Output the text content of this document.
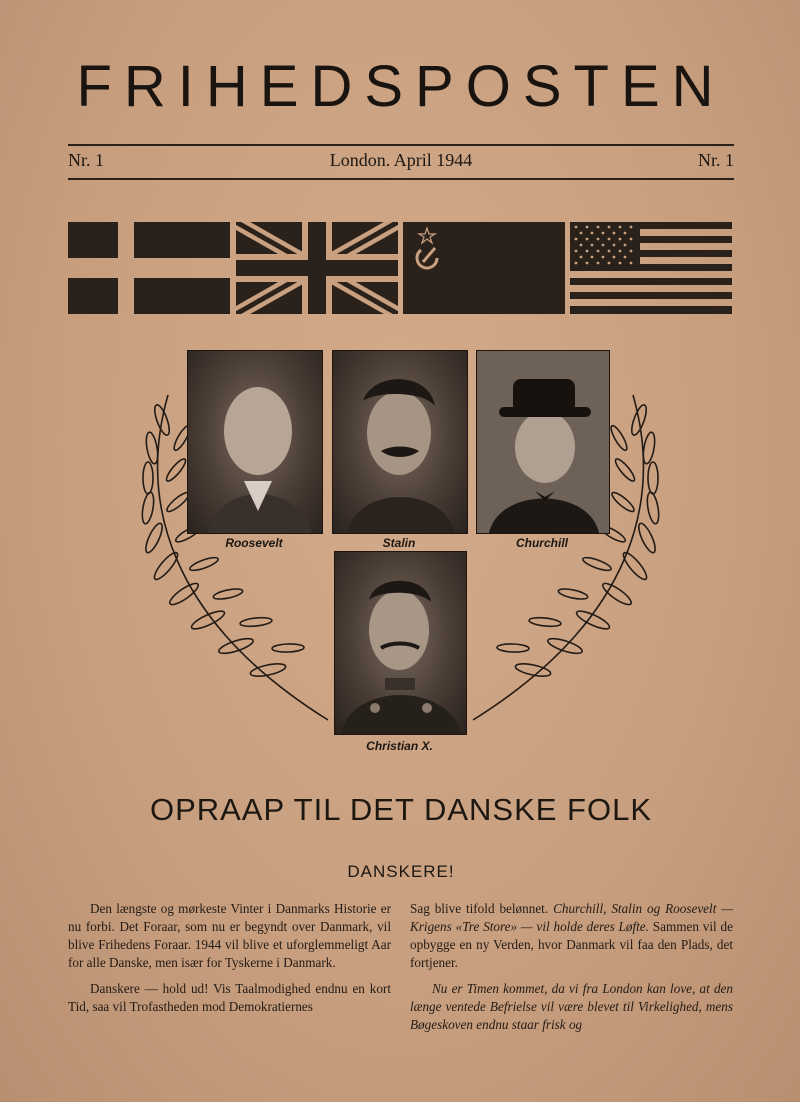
FRIHEDSPOSTEN
Nr. 1	London. April 1944	Nr. 1
Roosevelt	Stalin	Churchill
Christian X.
OPRAAP TIL DET DANSKE FOLK
DANSKERE!

Den længste og mørkeste Vinter i Danmarks Historie er nu forbi. Det Foraar, som nu er begyndt over Danmark, vil blive Frihedens Foraar. 1944 vil blive et uforglemmeligt Aar for alle Danske, men især for Tyskerne i Danmark.

Danskere — hold ud! Vis Taalmodighed endnu en kort Tid, saa vil Trofastheden mod Demokratiernes

Sag blive tifold belønnet. Churchill, Stalin og Roosevelt — Krigens «Tre Store» — vil holde deres Løfte. Sammen vil de opbygge en ny Verden, hvor Danmark vil faa den Plads, det fortjener.

Nu er Timen kommet, da vi fra London kan love, at den længe ventede Befrielse vil være blevet til Virkelighed, mens Bøgeskoven endnu staar frisk og
